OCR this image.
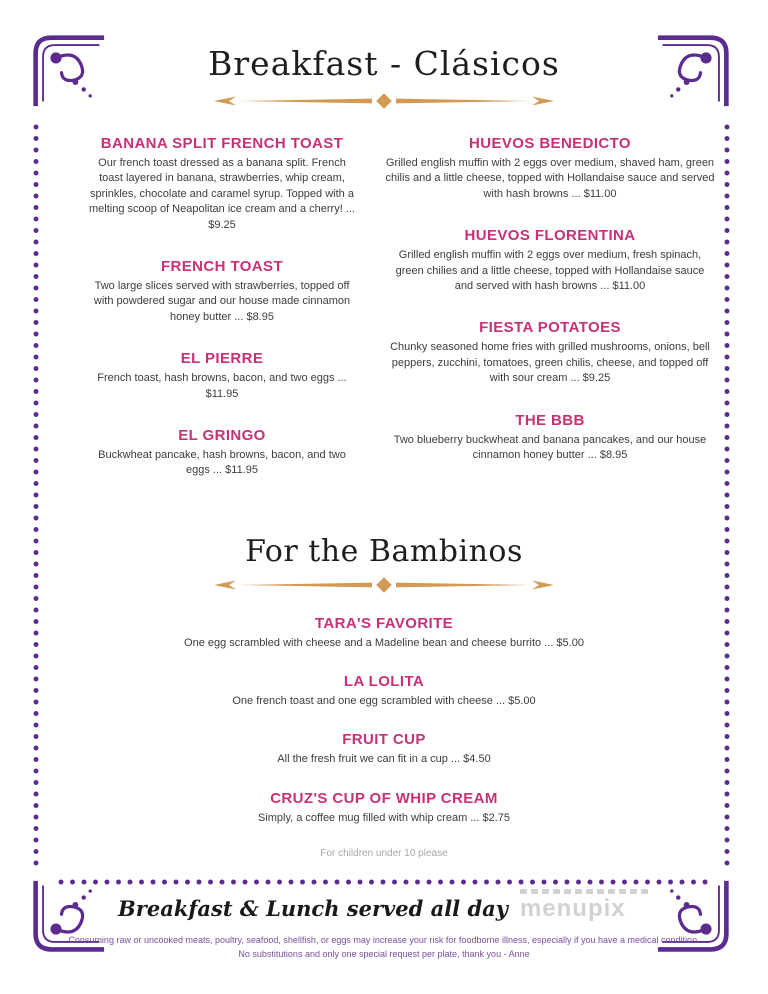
Breakfast - Clásicos
BANANA SPLIT FRENCH TOAST

Our french toast dressed as a banana split. French toast layered in banana, strawberries, whip cream, sprinkles, chocolate and caramel syrup. Topped with a melting scoop of Neapolitan ice cream and a cherry! ... $9.25

FRENCH TOAST

Two large slices served with strawberries, topped off with powdered sugar and our house made cinnamon honey butter ... $8.95

EL PIERRE

French toast, hash browns, bacon, and two eggs ... $11.95

EL GRINGO

Buckwheat pancake, hash browns, bacon, and two eggs ... $11.95

HUEVOS BENEDICTO

Grilled english muffin with 2 eggs over medium, shaved ham, green chilis and a little cheese, topped with Hollandaise sauce and served with hash browns ... $11.00

HUEVOS FLORENTINA

Grilled english muffin with 2 eggs over medium, fresh spinach, green chilies and a little cheese, topped with Hollandaise sauce and served with hash browns ... $11.00

FIESTA POTATOES

Chunky seasoned home fries with grilled mushrooms, onions, bell peppers, zucchini, tomatoes, green chilis, cheese, and topped off with sour cream ... $9.25

THE BBB

Two blueberry buckwheat and banana pancakes, and our house cinnamon honey butter ... $8.95

For the Bambinos
TARA'S FAVORITE

One egg scrambled with cheese and a Madeline bean and cheese burrito ... $5.00

LA LOLITA

One french toast and one egg scrambled with cheese ... $5.00

FRUIT CUP

All the fresh fruit we can fit in a cup ... $4.50

CRUZ'S CUP OF WHIP CREAM

Simply, a coffee mug filled with whip cream ... $2.75

For children under 10 please

Breakfast & Lunch served all day menupix

Consuming raw or uncooked meats, poultry, seafood, shellfish, or eggs may increase your risk for foodborne illness, especially if you have a medical condition.

No substitutions and only one special request per plate, thank you - Anne
